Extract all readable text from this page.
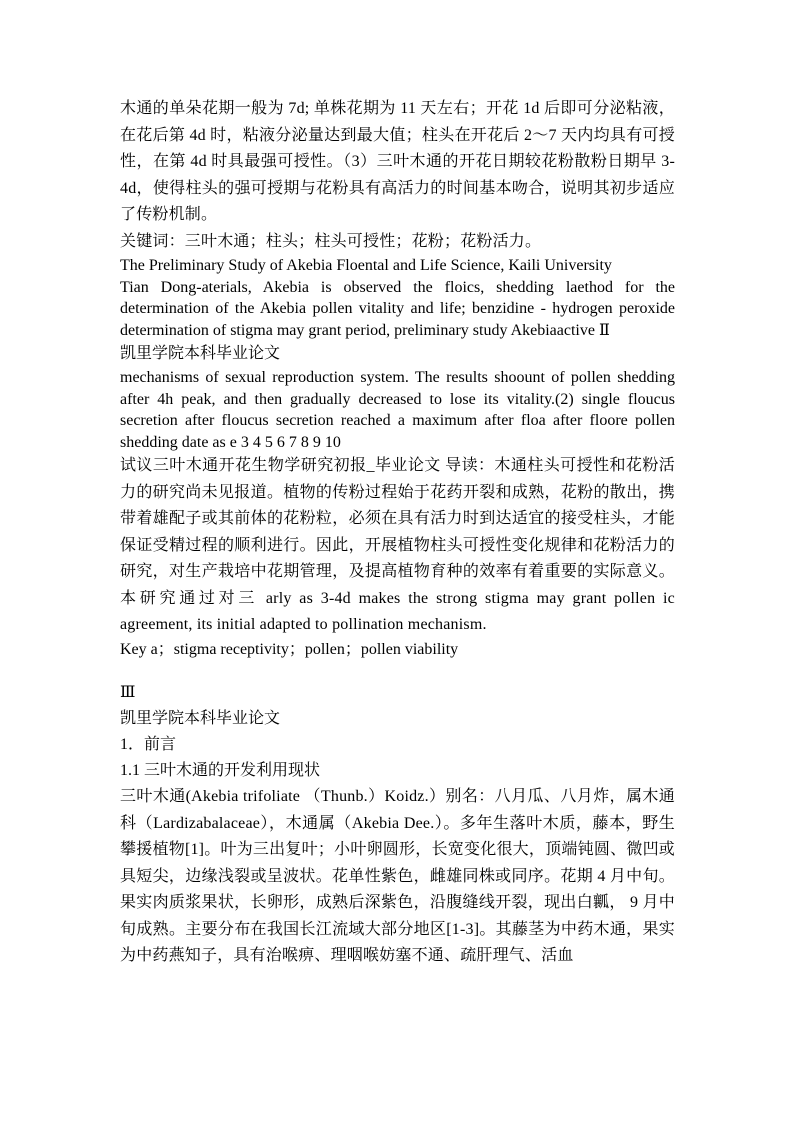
木通的单朵花期一般为 7d; 单株花期为 11 天左右；开花 1d 后即可分泌粘液，在花后第 4d 时，粘液分泌量达到最大值；柱头在开花后 2～7 天内均具有可授性，在第 4d 时具最强可授性。（3）三叶木通的开花日期较花粉散粉日期早 3-4d，使得柱头的强可授期与花粉具有高活力的时间基本吻合，说明其初步适应了传粉机制。

关键词：三叶木通；柱头；柱头可授性；花粉；花粉活力。

The Preliminary Study of Akebia Floental and Life Science, Kaili University

Tian Dong-aterials, Akebia is observed the floics, shedding laethod for the determination of the Akebia pollen vitality and life; benzidine - hydrogen peroxide determination of stigma may grant period, preliminary study Akebiaactive Ⅱ

凯里学院本科毕业论文

mechanisms of sexual reproduction system. The results shoount of pollen shedding after 4h peak, and then gradually decreased to lose its vitality.(2) single floucus secretion after floucus secretion reached a maximum after floa after floore pollen shedding date as e 3 4 5 6 7 8 9 10

试议三叶木通开花生物学研究初报_毕业论文 导读：木通柱头可授性和花粉活力的研究尚未见报道。植物的传粉过程始于花药开裂和成熟，花粉的散出，携带着雄配子或其前体的花粉粒，必须在具有活力时到达适宜的接受柱头，才能保证受精过程的顺利进行。因此，开展植物柱头可授性变化规律和花粉活力的研究，对生产栽培中花期管理，及提高植物育种的效率有着重要的实际意义。本研究通过对三 arly as 3-4d makes the strong stigma may grant pollen ic agreement, its initial adapted to pollination mechanism.

Key a；stigma receptivity；pollen；pollen viability

Ⅲ

凯里学院本科毕业论文

1．前言

1.1 三叶木通的开发利用现状

三叶木通(Akebia trifoliate （Thunb.）Koidz.）别名：八月瓜、八月炸，属木通科（Lardizabalaceae），木通属（Akebia Dee.）。多年生落叶木质，藤本，野生攀援植物[1]。叶为三出复叶；小叶卵圆形，长宽变化很大，顶端钝圆、微凹或具短尖，边缘浅裂或呈波状。花单性紫色，雌雄同株或同序。花期 4 月中旬。果实肉质浆果状，长卵形，成熟后深紫色，沿腹缝线开裂，现出白瓤， 9 月中旬成熟。主要分布在我国长江流域大部分地区[1-3]。其藤茎为中药木通，果实为中药燕知子，具有治喉痹、理咽喉妨塞不通、疏肝理气、活血
